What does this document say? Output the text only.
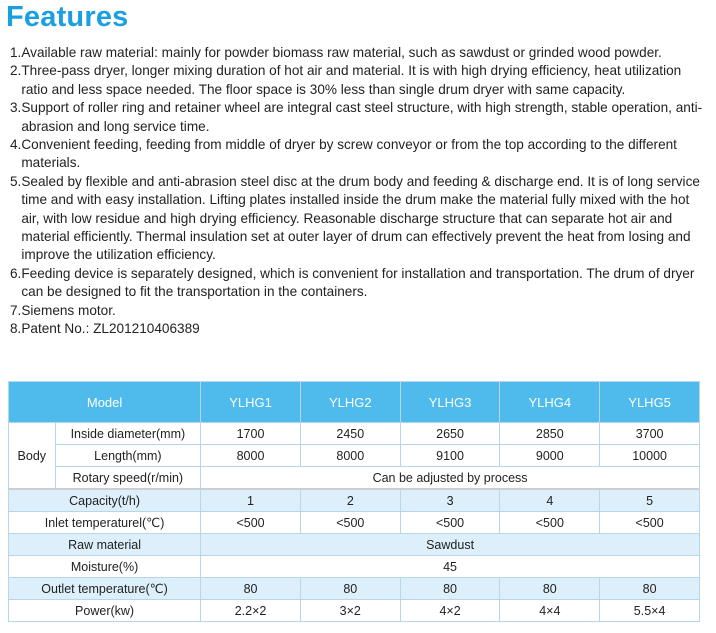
Features
1. Available raw material: mainly for powder biomass raw material, such as sawdust or grinded wood powder.
2. Three-pass dryer, longer mixing duration of hot air and material. It is with high drying efficiency, heat utilization ratio and less space needed. The floor space is 30% less than single drum dryer with same capacity.
3. Support of roller ring and retainer wheel are integral cast steel structure, with high strength, stable operation, anti-abrasion and long service time.
4. Convenient feeding, feeding from middle of dryer by screw conveyor or from the top according to the different materials.
5. Sealed by flexible and anti-abrasion steel disc at the drum body and feeding & discharge end. It is of long service time and with easy installation. Lifting plates installed inside the drum make the material fully mixed with the hot air, with low residue and high drying efficiency. Reasonable discharge structure that can separate hot air and material efficiently. Thermal insulation set at outer layer of drum can effectively prevent the heat from losing and improve the utilization efficiency.
6. Feeding device is separately designed, which is convenient for installation and transportation. The drum of dryer can be designed to fit the transportation in the containers.
7. Siemens motor.
8. Patent No.: ZL201210406389
Model		YLHG1	YLHG2	YLHG3	YLHG4	YLHG5
Body	Inside diameter(mm)	1700	2450	2650	2850	3700
	Length(mm)	8000	8000	9100	9000	10000
	Rotary speed(r/min)	Can be adjusted by process				
Capacity(t/h)		1	2	3	4	5
Inlet temperaturel(℃)		<500	<500	<500	<500	<500
Raw material		Sawdust				
Moisture(%)		45				
Outlet temperature(℃)		80	80	80	80	80
Power(kw)		2.2×2	3×2	4×2	4×4	5.5×4
